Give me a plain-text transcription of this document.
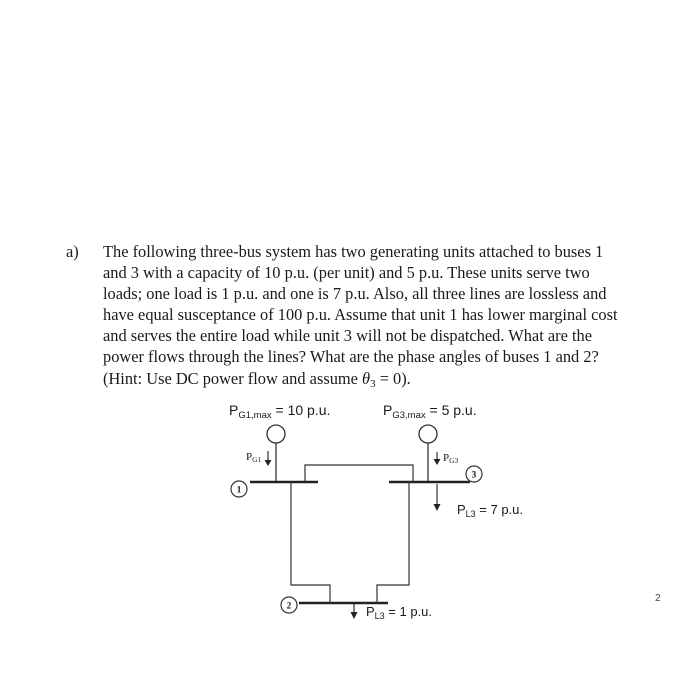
a) The following three-bus system has two generating units attached to buses 1
and 3 with a capacity of 10 p.u. (per unit) and 5 p.u. These units serve two
loads; one load is 1 p.u. and one is 7 p.u. Also, all three lines are lossless and
have equal susceptance of 100 p.u. Assume that unit 1 has lower marginal cost
and serves the entire load while unit 3 will not be dispatched. What are the
power flows through the lines? What are the phase angles of buses 1 and 2?
(Hint: Use DC power flow and assume $\theta_3 = 0$).
$P_{G1,max} = 10$ p.u.	$P_{G3,max} = 5$ p.u.
PG1	PG3
1
3
2
$P_{L3} = 7$ p.u.
$P_{L3} = 1$ p.u.
2
